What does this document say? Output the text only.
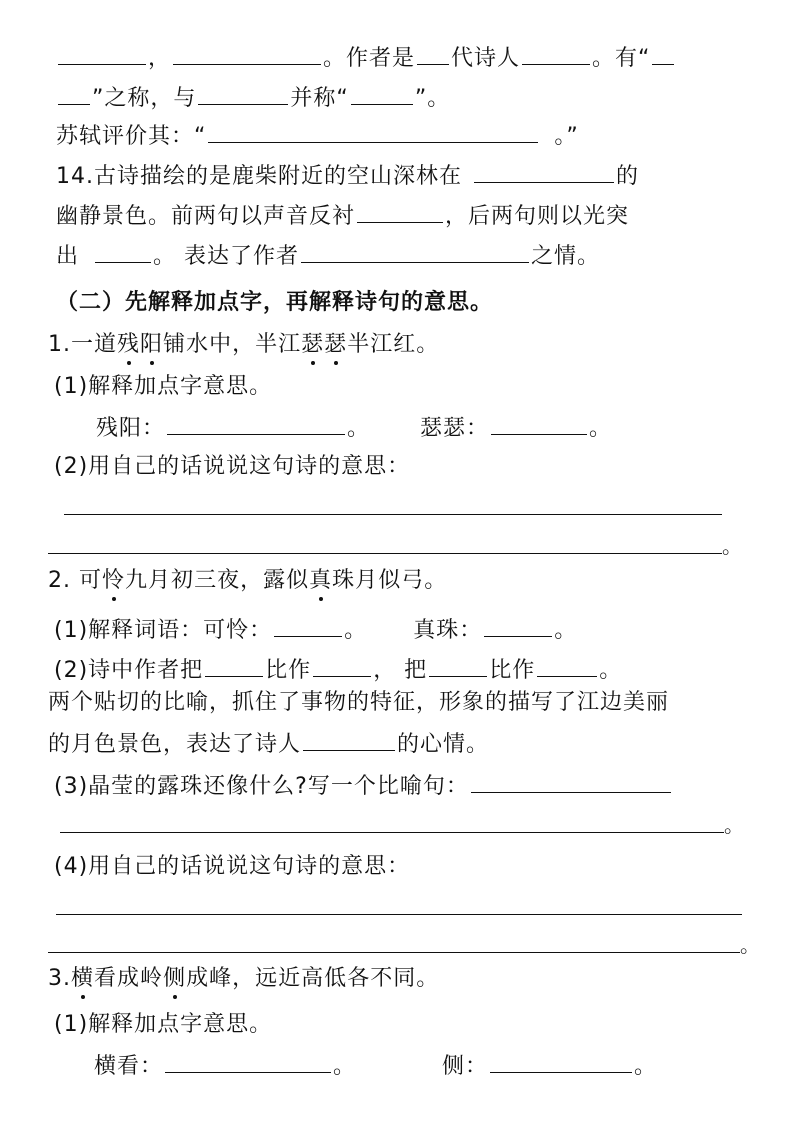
，	。作者是 代诗人	。有“
”之称，与	并称“	”。
苏轼评价其：“	。”
14.古诗描绘的是鹿柴附近的空山深林在	的
幽静景色。前两句以声音反衬	，后两句则以光突
出	。 表达了作者	之情。
（二）先解释加点字，再解释诗句的意思。
1.一道残阳铺水中，半江瑟瑟半江红。
(1)解释加点字意思。
残阳：	。 瑟瑟：	。
(2)用自己的话说说这句诗的意思：
。
2. 可怜九月初三夜，露似真珠月似弓。
(1)解释词语：可怜：	。 真珠：	。
(2)诗中作者把	比作	， 把	比作	。
两个贴切的比喻，抓住了事物的特征，形象的描写了江边美丽
的月色景色，表达了诗人	的心情。
(3)晶莹的露珠还像什么?写一个比喻句：
。
(4)用自己的话说说这句诗的意思：
。
3.横看成岭侧成峰，远近高低各不同。
(1)解释加点字意思。
横看：	。	侧：	。
